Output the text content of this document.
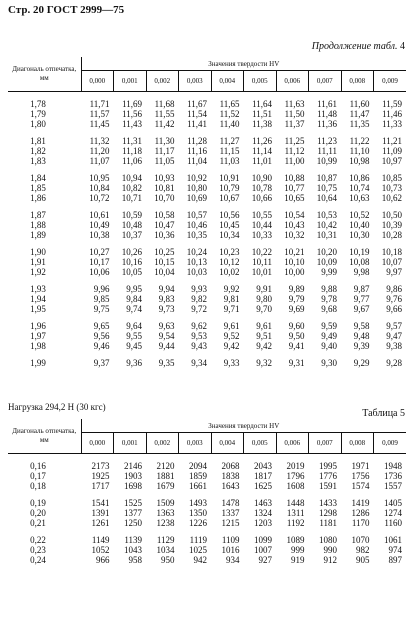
Стр. 20 ГОСТ 2999—75
Продолжение табл. 4
Диагональ отпечатка, мм	Значения твердости HV									
	0,000	0,001	0,002	0,003	0,004	0,005	0,006	0,007	0,008	0,009
1,78	11,71	11,69	11,68	11,67	11,65	11,64	11,63	11,61	11,60	11,59
1,79	11,57	11,56	11,55	11,54	11,52	11,51	11,50	11,48	11,47	11,46
1,80	11,45	11,43	11,42	11,41	11,40	11,38	11,37	11,36	11,35	11,33
1,81	11,32	11,31	11,30	11,28	11,27	11,26	11,25	11,23	11,22	11,21
1,82	11,20	11,18	11,17	11,16	11,15	11,14	11,12	11,11	11,10	11,09
1,83	11,07	11,06	11,05	11,04	11,03	11,01	11,00	10,99	10,98	10,97
1,84	10,95	10,94	10,93	10,92	10,91	10,90	10,88	10,87	10,86	10,85
1,85	10,84	10,82	10,81	10,80	10,79	10,78	10,77	10,75	10,74	10,73
1,86	10,72	10,71	10,70	10,69	10,67	10,66	10,65	10,64	10,63	10,62
1,87	10,61	10,59	10,58	10,57	10,56	10,55	10,54	10,53	10,52	10,50
1,88	10,49	10,48	10,47	10,46	10,45	10,44	10,43	10,42	10,40	10,39
1,89	10,38	10,37	10,36	10,35	10,34	10,33	10,32	10,31	10,30	10,28
1,90	10,27	10,26	10,25	10,24	10,23	10,22	10,21	10,20	10,19	10,18
1,91	10,17	10,16	10,15	10,13	10,12	10,11	10,10	10,09	10,08	10,07
1,92	10,06	10,05	10,04	10,03	10,02	10,01	10,00	9,99	9,98	9,97
1,93	9,96	9,95	9,94	9,93	9,92	9,91	9,89	9,88	9,87	9,86
1,94	9,85	9,84	9,83	9,82	9,81	9,80	9,79	9,78	9,77	9,76
1,95	9,75	9,74	9,73	9,72	9,71	9,70	9,69	9,68	9,67	9,66
1,96	9,65	9,64	9,63	9,62	9,61	9,61	9,60	9,59	9,58	9,57
1,97	9,56	9,55	9,54	9,53	9,52	9,51	9,50	9,49	9,48	9,47
1,98	9,46	9,45	9,44	9,43	9,42	9,42	9,41	9,40	9,39	9,38
1,99	9,37	9,36	9,35	9,34	9,33	9,32	9,31	9,30	9,29	9,28
Нагрузка 294,2 Н (30 кгс)
Таблица 5
Диагональ отпечатка, мм	Значения твердости HV									
	0,000	0,001	0,002	0,003	0,004	0,005	0,006	0,007	0,008	0,009
0,16	2173	2146	2120	2094	2068	2043	2019	1995	1971	1948
0,17	1925	1903	1881	1859	1838	1817	1796	1776	1756	1736
0,18	1717	1698	1679	1661	1643	1625	1608	1591	1574	1557
0,19	1541	1525	1509	1493	1478	1463	1448	1433	1419	1405
0,20	1391	1377	1363	1350	1337	1324	1311	1298	1286	1274
0,21	1261	1250	1238	1226	1215	1203	1192	1181	1170	1160
0,22	1149	1139	1129	1119	1109	1099	1089	1080	1070	1061
0,23	1052	1043	1034	1025	1016	1007	999	990	982	974
0,24	966	958	950	942	934	927	919	912	905	897
